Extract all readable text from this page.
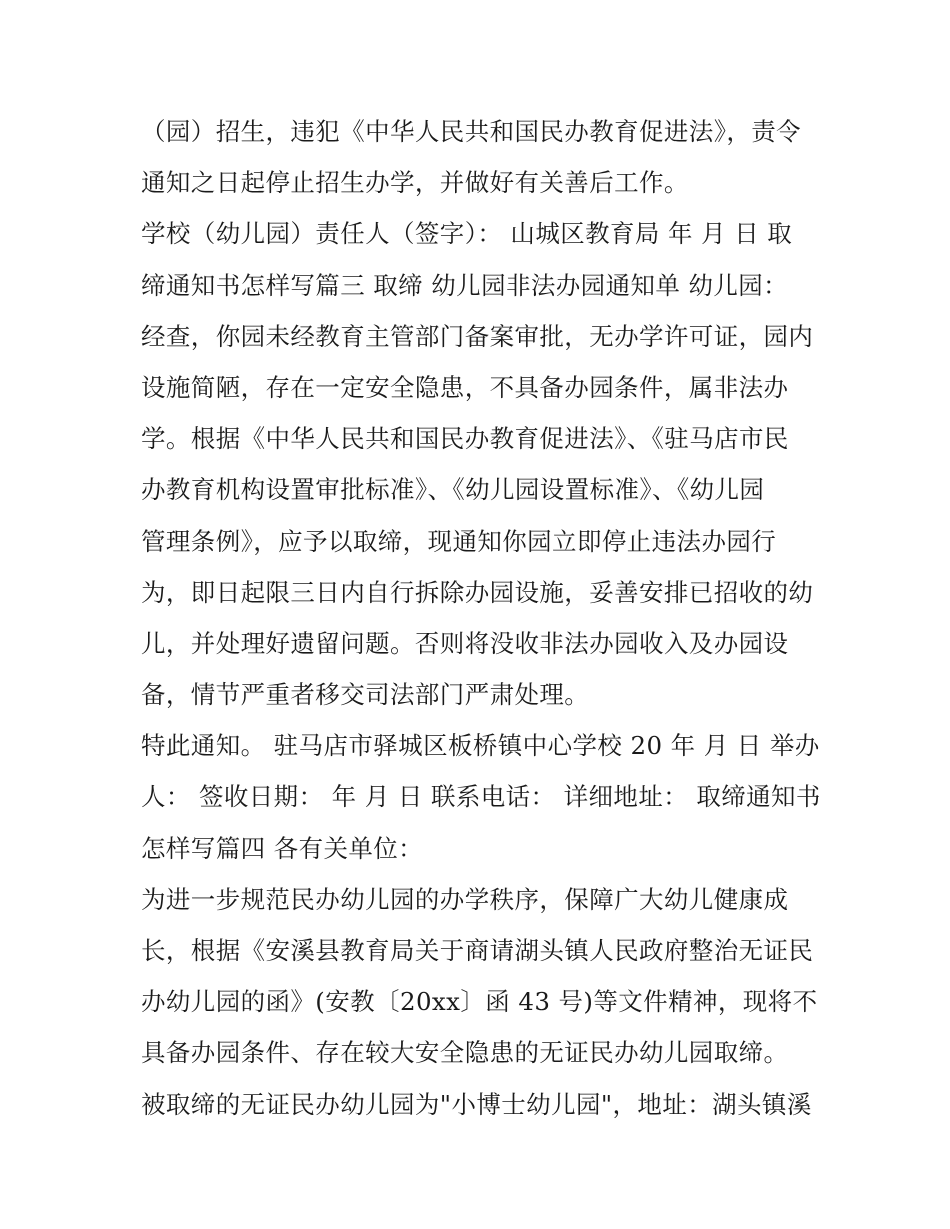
（园）招生，违犯《中华人民共和国民办教育促进法》，责令
通知之日起停止招生办学，并做好有关善后工作。
学校（幼儿园）责任人（签字）： 山城区教育局 年 月 日 取
缔通知书怎样写篇三 取缔 幼儿园非法办园通知单 幼儿园：
经查，你园未经教育主管部门备案审批，无办学许可证，园内
设施简陋，存在一定安全隐患，不具备办园条件，属非法办
学。根据《中华人民共和国民办教育促进法》、《驻马店市民
办教育机构设置审批标准》、《幼儿园设置标准》、《幼儿园
管理条例》，应予以取缔，现通知你园立即停止违法办园行
为，即日起限三日内自行拆除办园设施，妥善安排已招收的幼
儿，并处理好遗留问题。否则将没收非法办园收入及办园设
备，情节严重者移交司法部门严肃处理。
特此通知。 驻马店市驿城区板桥镇中心学校 20 年 月 日 举办
人： 签收日期： 年 月 日 联系电话： 详细地址： 取缔通知书
怎样写篇四 各有关单位：
为进一步规范民办幼儿园的办学秩序，保障广大幼儿健康成
长，根据《安溪县教育局关于商请湖头镇人民政府整治无证民
办幼儿园的函》(安教〔20xx〕函 43 号)等文件精神，现将不
具备办园条件、存在较大安全隐患的无证民办幼儿园取缔。
被取缔的无证民办幼儿园为"小博士幼儿园"，地址：湖头镇溪
